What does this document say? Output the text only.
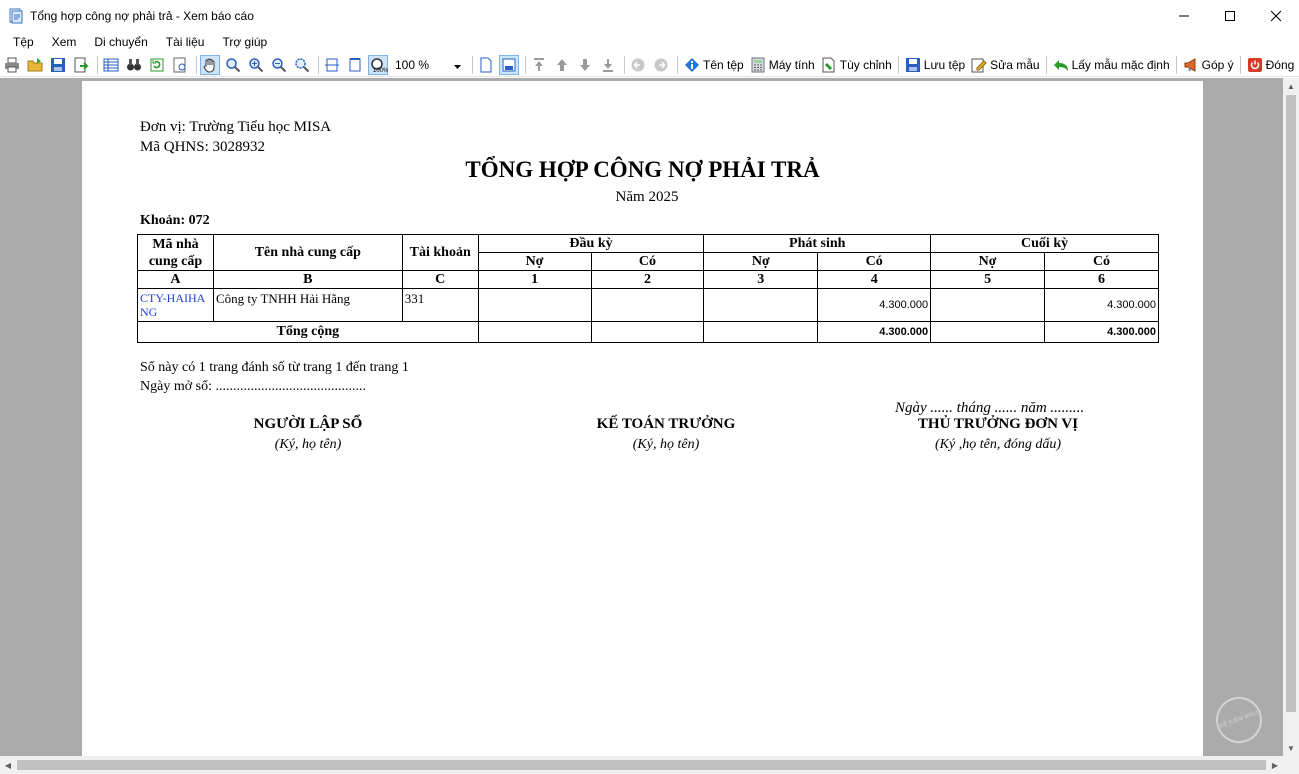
Tổng hợp công nợ phải trả - Xem báo cáo
Tệp	Xem	Di chuyển	Tài liệu	Trợ giúp
100% 100 %	Tên tệp Máy tính Tùy chỉnh	Lưu tệp Sửa mẫu	Lấy mẫu mặc định	Góp ý	Đóng
Đơn vị: Trường Tiểu học MISA
Mã QHNS: 3028932
TỔNG HỢP CÔNG NỢ PHẢI TRẢ
Năm 2025
Khoản: 072
Mã nhà cung cấp	Tên nhà cung cấp	Tài khoản	Đầu kỳ		Phát sinh		Cuối kỳ	
			Nợ	Có	Nợ	Có	Nợ	Có
A	B	C	1	2	3	4	5	6
CTY-HAIHANG	Công ty TNHH Hải Hằng	331				4.300.000		4.300.000
Tổng cộng						4.300.000		4.300.000
Sổ này có 1 trang đánh số từ trang 1 đến trang 1
Ngày mở sổ: ...........................................
Ngày ...... tháng ...... năm .........
NGƯỜI LẬP SỔ
(Ký, họ tên)
KẾ TOÁN TRƯỞNG
(Ký, họ tên)
THỦ TRƯỞNG ĐƠN VỊ
(Ký ,họ tên, đóng dấu)
▲
▼
◀	▶
ĐỀ KIỂM MẪU
